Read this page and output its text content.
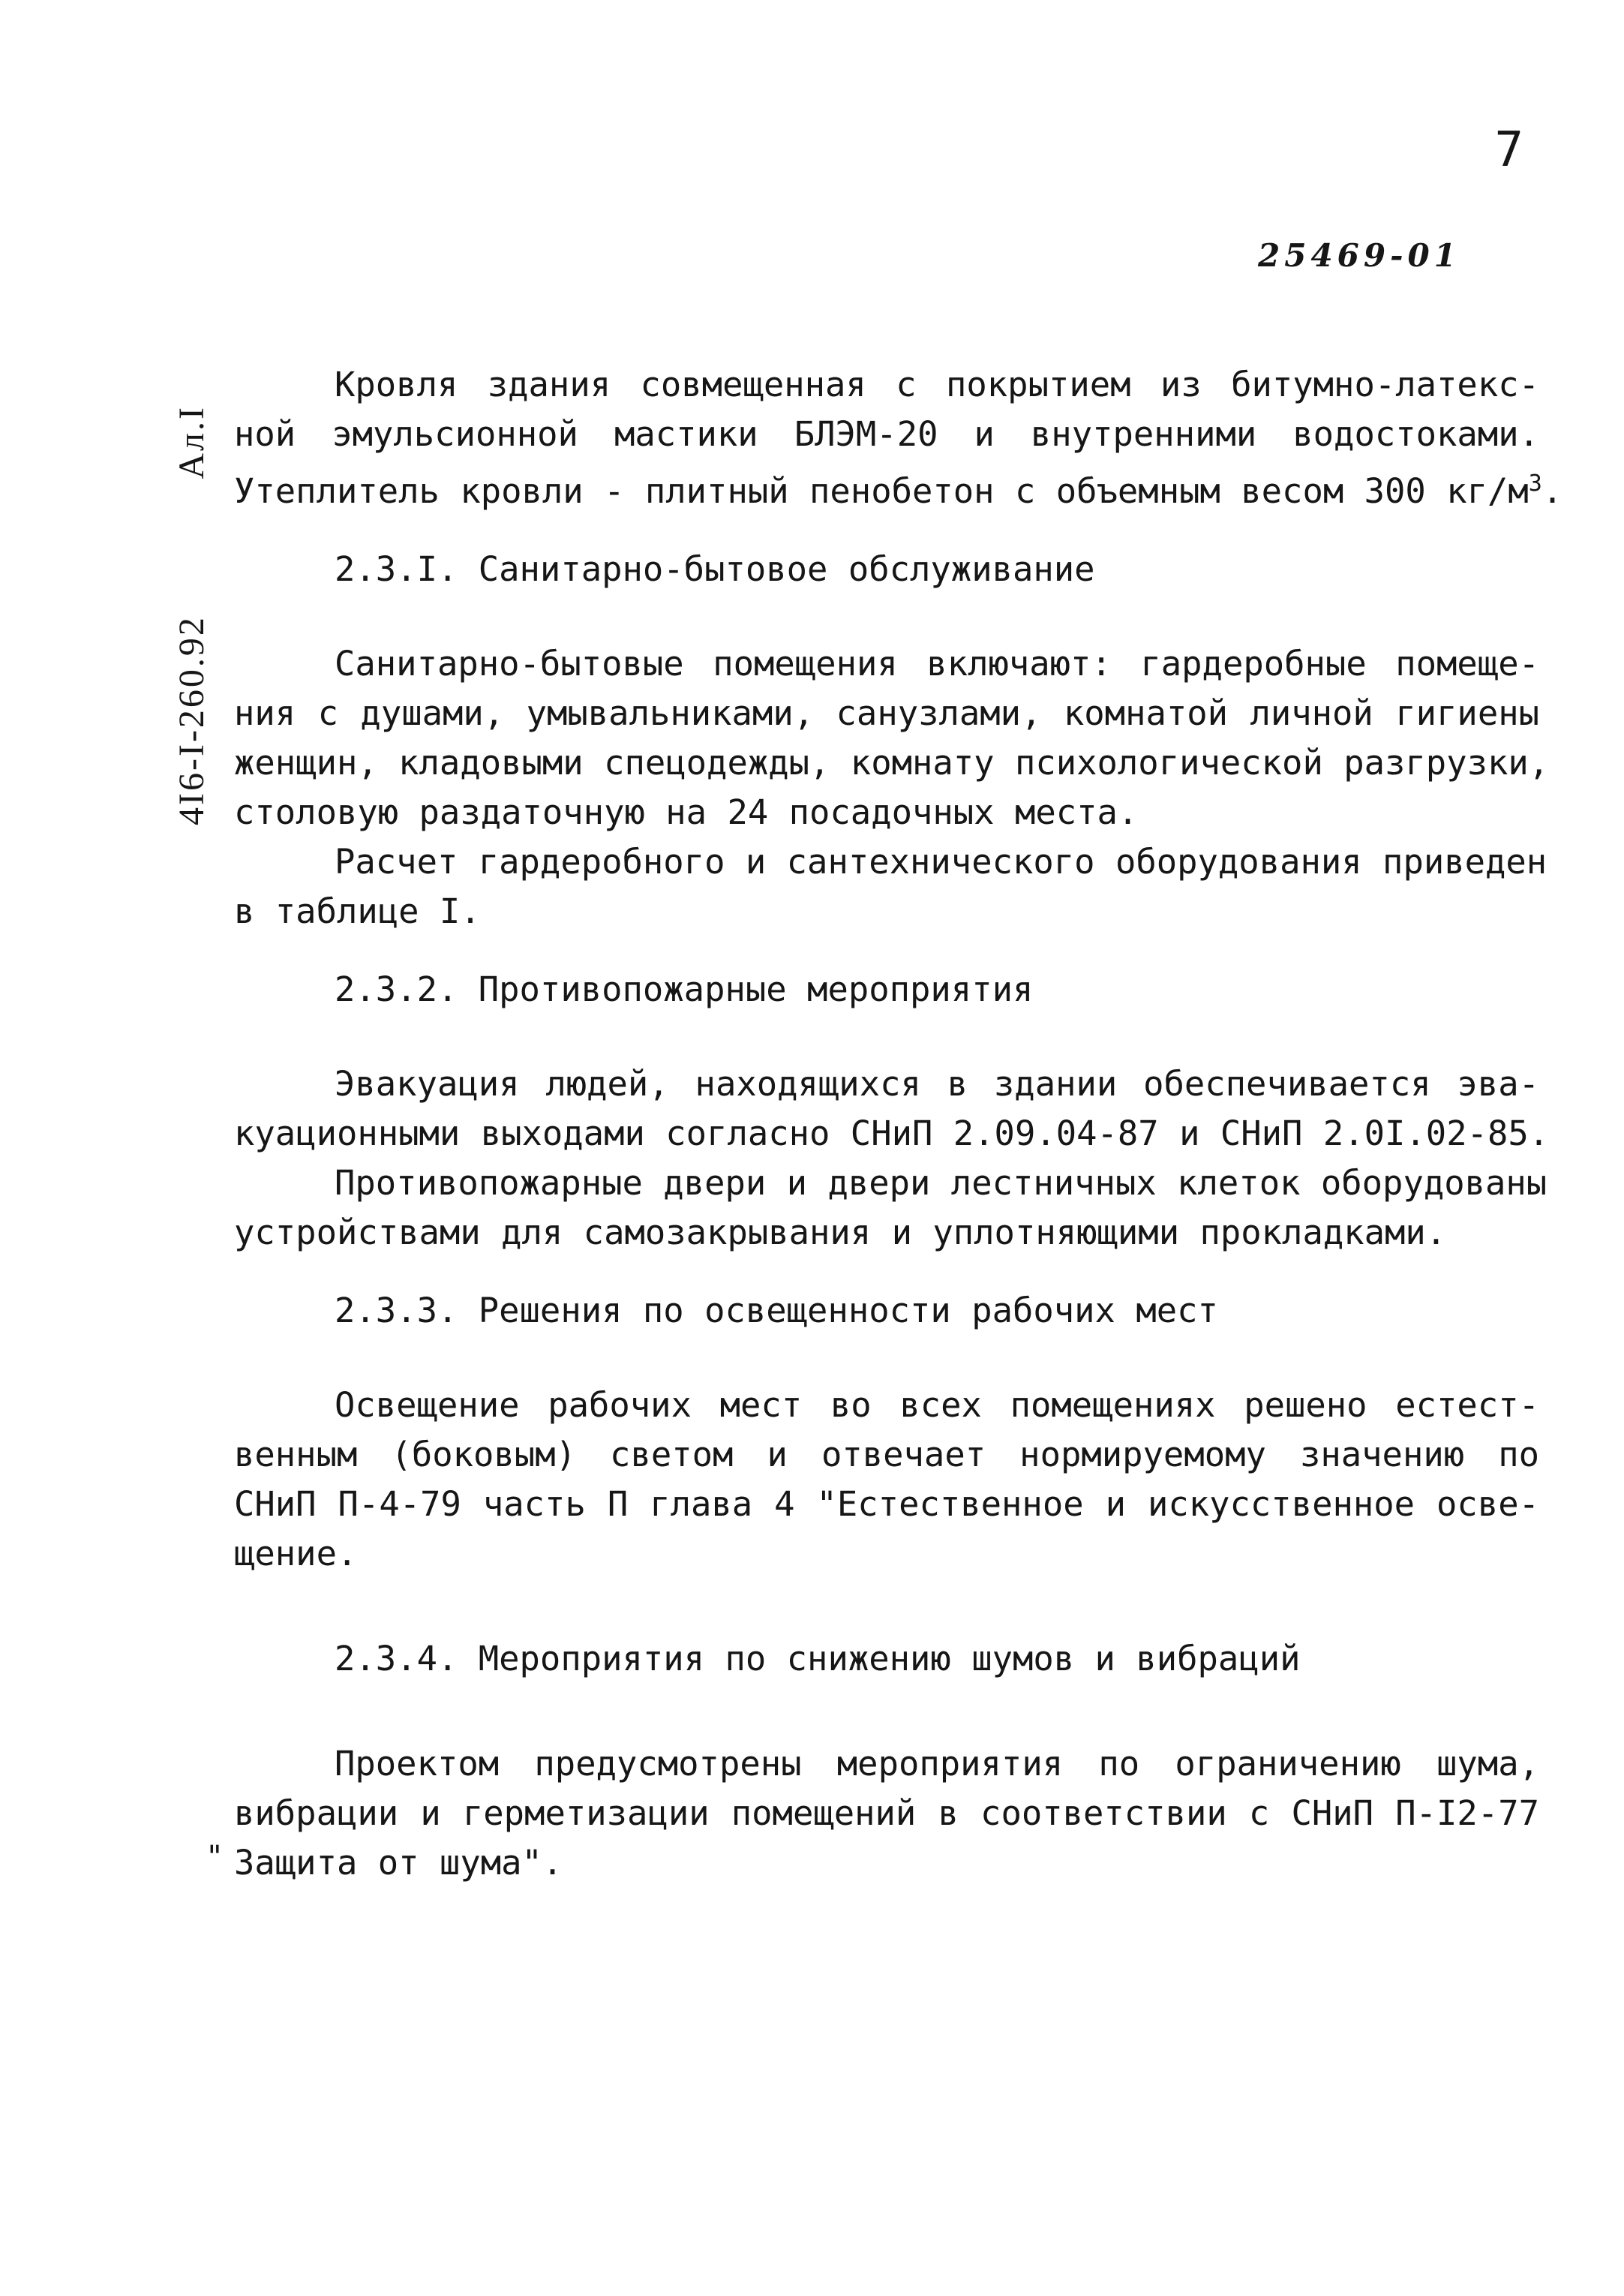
7
25469-01
4I6-I-260.92
Ал.I
Кровля здания совмещенная с покрытием из битумно-латекс-
ной эмульсионной мастики БЛЭМ-20 и внутренними водостоками.
Утеплитель кровли - плитный пенобетон с объемным весом 300 $кг/м^3$.

2.3.I. Санитарно-бытовое обслуживание

Санитарно-бытовые помещения включают: гардеробные помеще-
ния с душами, умывальниками, санузлами, комнатой личной гигиены
женщин, кладовыми спецодежды, комнату психологической разгрузки,
столовую раздаточную на 24 посадочных места.
Расчет гардеробного и сантехнического оборудования приведен
в таблице I.

2.3.2. Противопожарные мероприятия

Эвакуация людей, находящихся в здании обеспечивается эва-
куационными выходами согласно СНиП 2.09.04-87 и СНиП 2.0I.02-85.
Противопожарные двери и двери лестничных клеток оборудованы
устройствами для самозакрывания и уплотняющими прокладками.

2.3.3. Решения по освещенности рабочих мест

Освещение рабочих мест во всех помещениях решено естест-
венным (боковым) светом и отвечает нормируемому значению по
СНиП П-4-79 часть П глава 4 "Естественное и искусственное осве-
щение.

2.3.4. Мероприятия по снижению шумов и вибраций

Проектом предусмотрены мероприятия по ограничению шума,
вибрации и герметизации помещений в соответствии с СНиП П-I2-77
Защита от шума".
"
